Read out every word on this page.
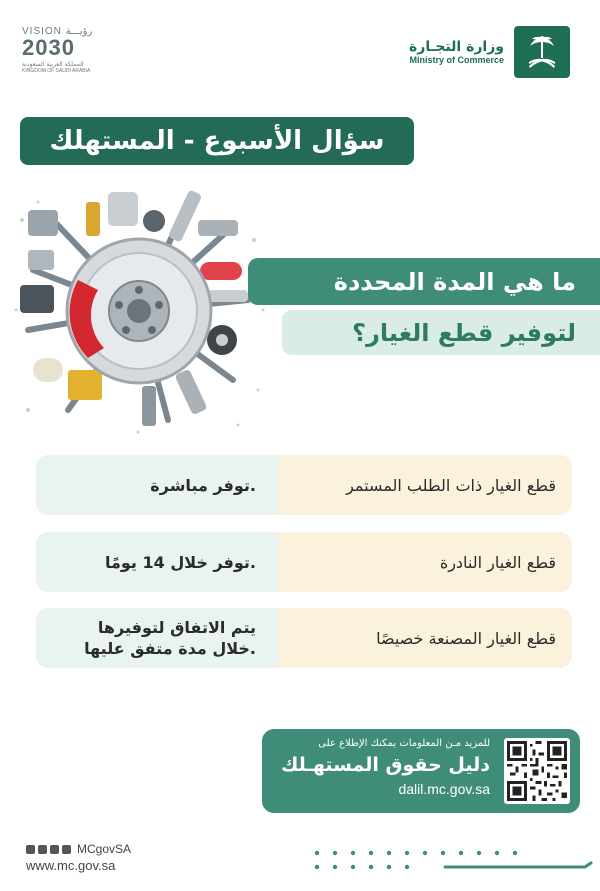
VISION رؤيـــة
2030
المملكة العربية السعودية
KINGDOM OF SAUDI ARABIA
وزارة التجـارة
Ministry of Commerce
سؤال الأسبوع - المستهلك
ما هي المدة المحددة
لتوفير قطع الغيار؟
توفر مباشرة.	قطع الغيار ذات الطلب المستمر
توفر خلال 14 يومًا.	قطع الغيار النادرة
يتم الاتفاق لتوفيرها
خلال مدة متفق عليها.
قطع الغيار المصنعة خصيصًا
للمزيد مـن المعلومات يمكنك الإطلاع على
دليل حقوق المستهـلك
dalil.mc.gov.sa
MCgovSA
www.mc.gov.sa
